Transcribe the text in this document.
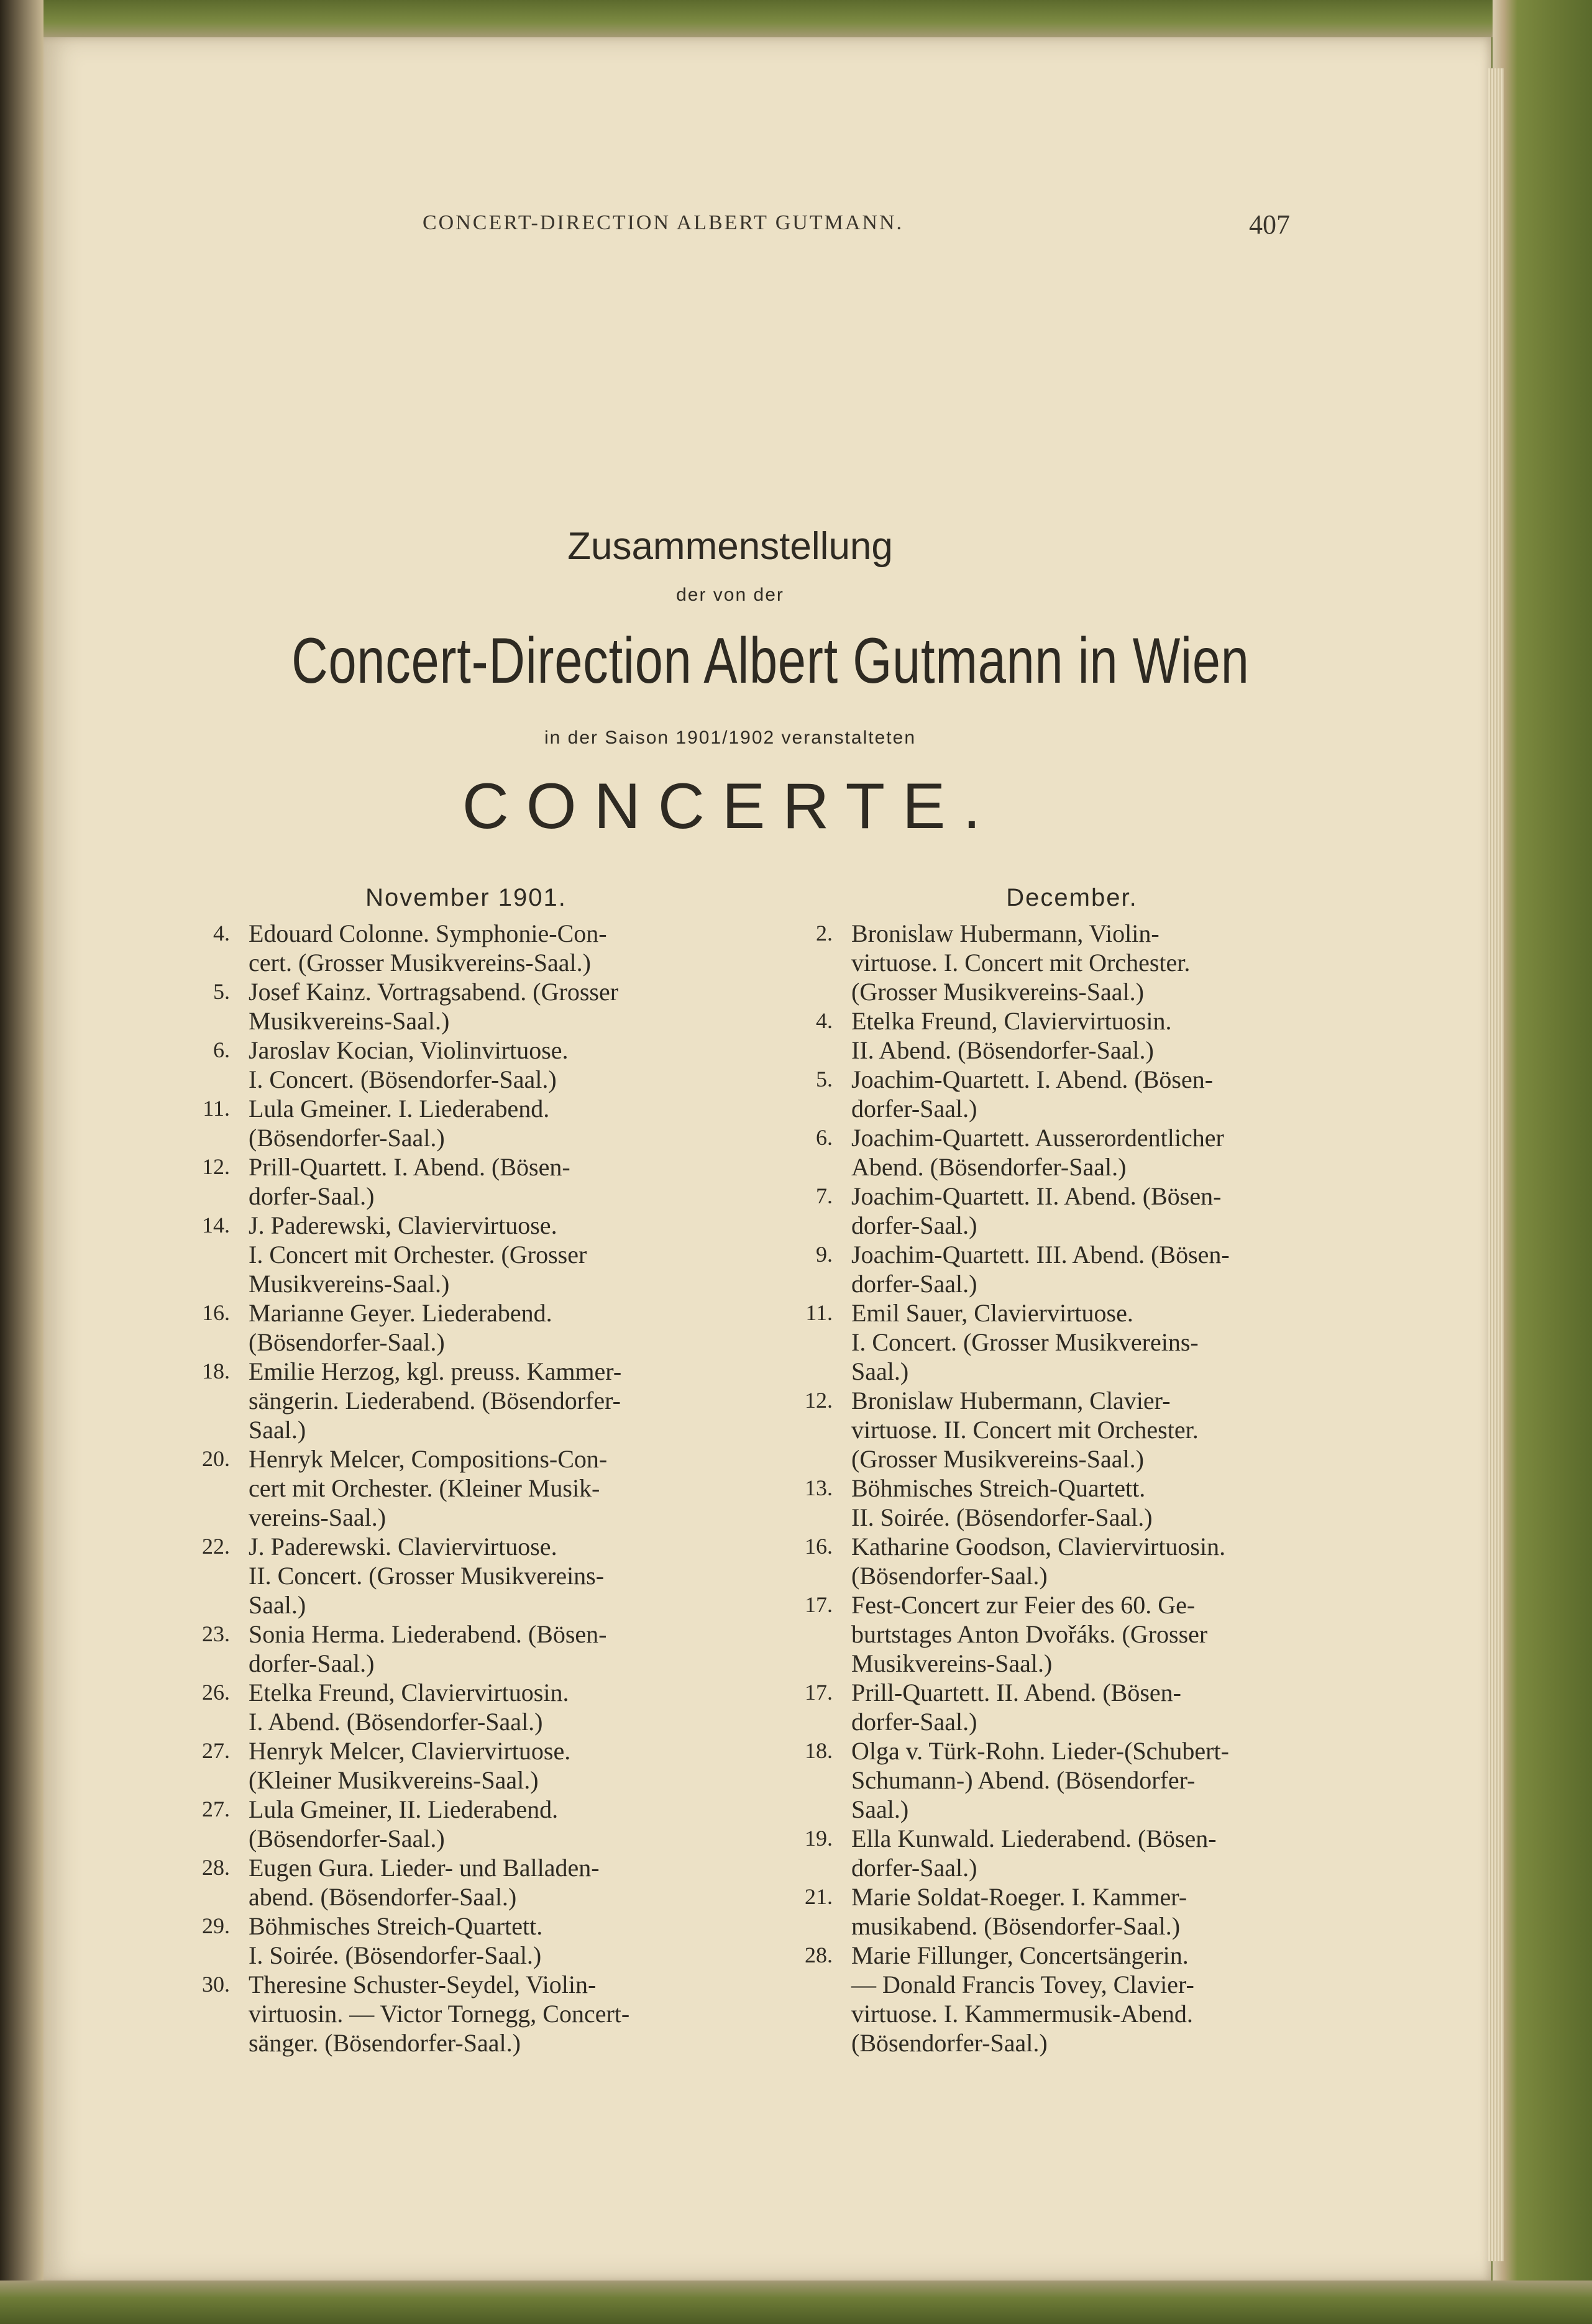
CONCERT-DIRECTION ALBERT GUTMANN.	407
Zusammenstellung
der von der
Concert-Direction Albert Gutmann in Wien
in der Saison 1901/1902 veranstalteten
CONCERTE.
November 1901.
4. Edouard Colonne. Symphonie-Con-
cert. (Grosser Musikvereins-Saal.)
5. Josef Kainz. Vortragsabend. (Grosser
Musikvereins-Saal.)
6. Jaroslav Kocian, Violinvirtuose.
I. Concert. (Bösendorfer-Saal.)
11. Lula Gmeiner. I. Liederabend.
(Bösendorfer-Saal.)
12. Prill-Quartett. I. Abend. (Bösen-
dorfer-Saal.)
14. J. Paderewski, Claviervirtuose.
I. Concert mit Orchester. (Grosser
Musikvereins-Saal.)
16. Marianne Geyer. Liederabend.
(Bösendorfer-Saal.)
18. Emilie Herzog, kgl. preuss. Kammer-
sängerin. Liederabend. (Bösendorfer-
Saal.)
20. Henryk Melcer, Compositions-Con-
cert mit Orchester. (Kleiner Musik-
vereins-Saal.)
22. J. Paderewski. Claviervirtuose.
II. Concert. (Grosser Musikvereins-
Saal.)
23. Sonia Herma. Liederabend. (Bösen-
dorfer-Saal.)
26. Etelka Freund, Claviervirtuosin.
I. Abend. (Bösendorfer-Saal.)
27. Henryk Melcer, Claviervirtuose.
(Kleiner Musikvereins-Saal.)
27. Lula Gmeiner, II. Liederabend.
(Bösendorfer-Saal.)
28. Eugen Gura. Lieder- und Balladen-
abend. (Bösendorfer-Saal.)
29. Böhmisches Streich-Quartett.
I. Soirée. (Bösendorfer-Saal.)
30. Theresine Schuster-Seydel, Violin-
virtuosin. — Victor Tornegg, Concert-
sänger. (Bösendorfer-Saal.)
December.
2. Bronislaw Hubermann, Violin-
virtuose. I. Concert mit Orchester.
(Grosser Musikvereins-Saal.)
4. Etelka Freund, Claviervirtuosin.
II. Abend. (Bösendorfer-Saal.)
5. Joachim-Quartett. I. Abend. (Bösen-
dorfer-Saal.)
6. Joachim-Quartett. Ausserordentlicher
Abend. (Bösendorfer-Saal.)
7. Joachim-Quartett. II. Abend. (Bösen-
dorfer-Saal.)
9. Joachim-Quartett. III. Abend. (Bösen-
dorfer-Saal.)
11. Emil Sauer, Claviervirtuose.
I. Concert. (Grosser Musikvereins-
Saal.)
12. Bronislaw Hubermann, Clavier-
virtuose. II. Concert mit Orchester.
(Grosser Musikvereins-Saal.)
13. Böhmisches Streich-Quartett.
II. Soirée. (Bösendorfer-Saal.)
16. Katharine Goodson, Claviervirtuosin.
(Bösendorfer-Saal.)
17. Fest-Concert zur Feier des 60. Ge-
burtstages Anton Dvořáks. (Grosser
Musikvereins-Saal.)
17. Prill-Quartett. II. Abend. (Bösen-
dorfer-Saal.)
18. Olga v. Türk-Rohn. Lieder-(Schubert-
Schumann-) Abend. (Bösendorfer-
Saal.)
19. Ella Kunwald. Liederabend. (Bösen-
dorfer-Saal.)
21. Marie Soldat-Roeger. I. Kammer-
musikabend. (Bösendorfer-Saal.)
28. Marie Fillunger, Concertsängerin.
— Donald Francis Tovey, Clavier-
virtuose. I. Kammermusik-Abend.
(Bösendorfer-Saal.)
